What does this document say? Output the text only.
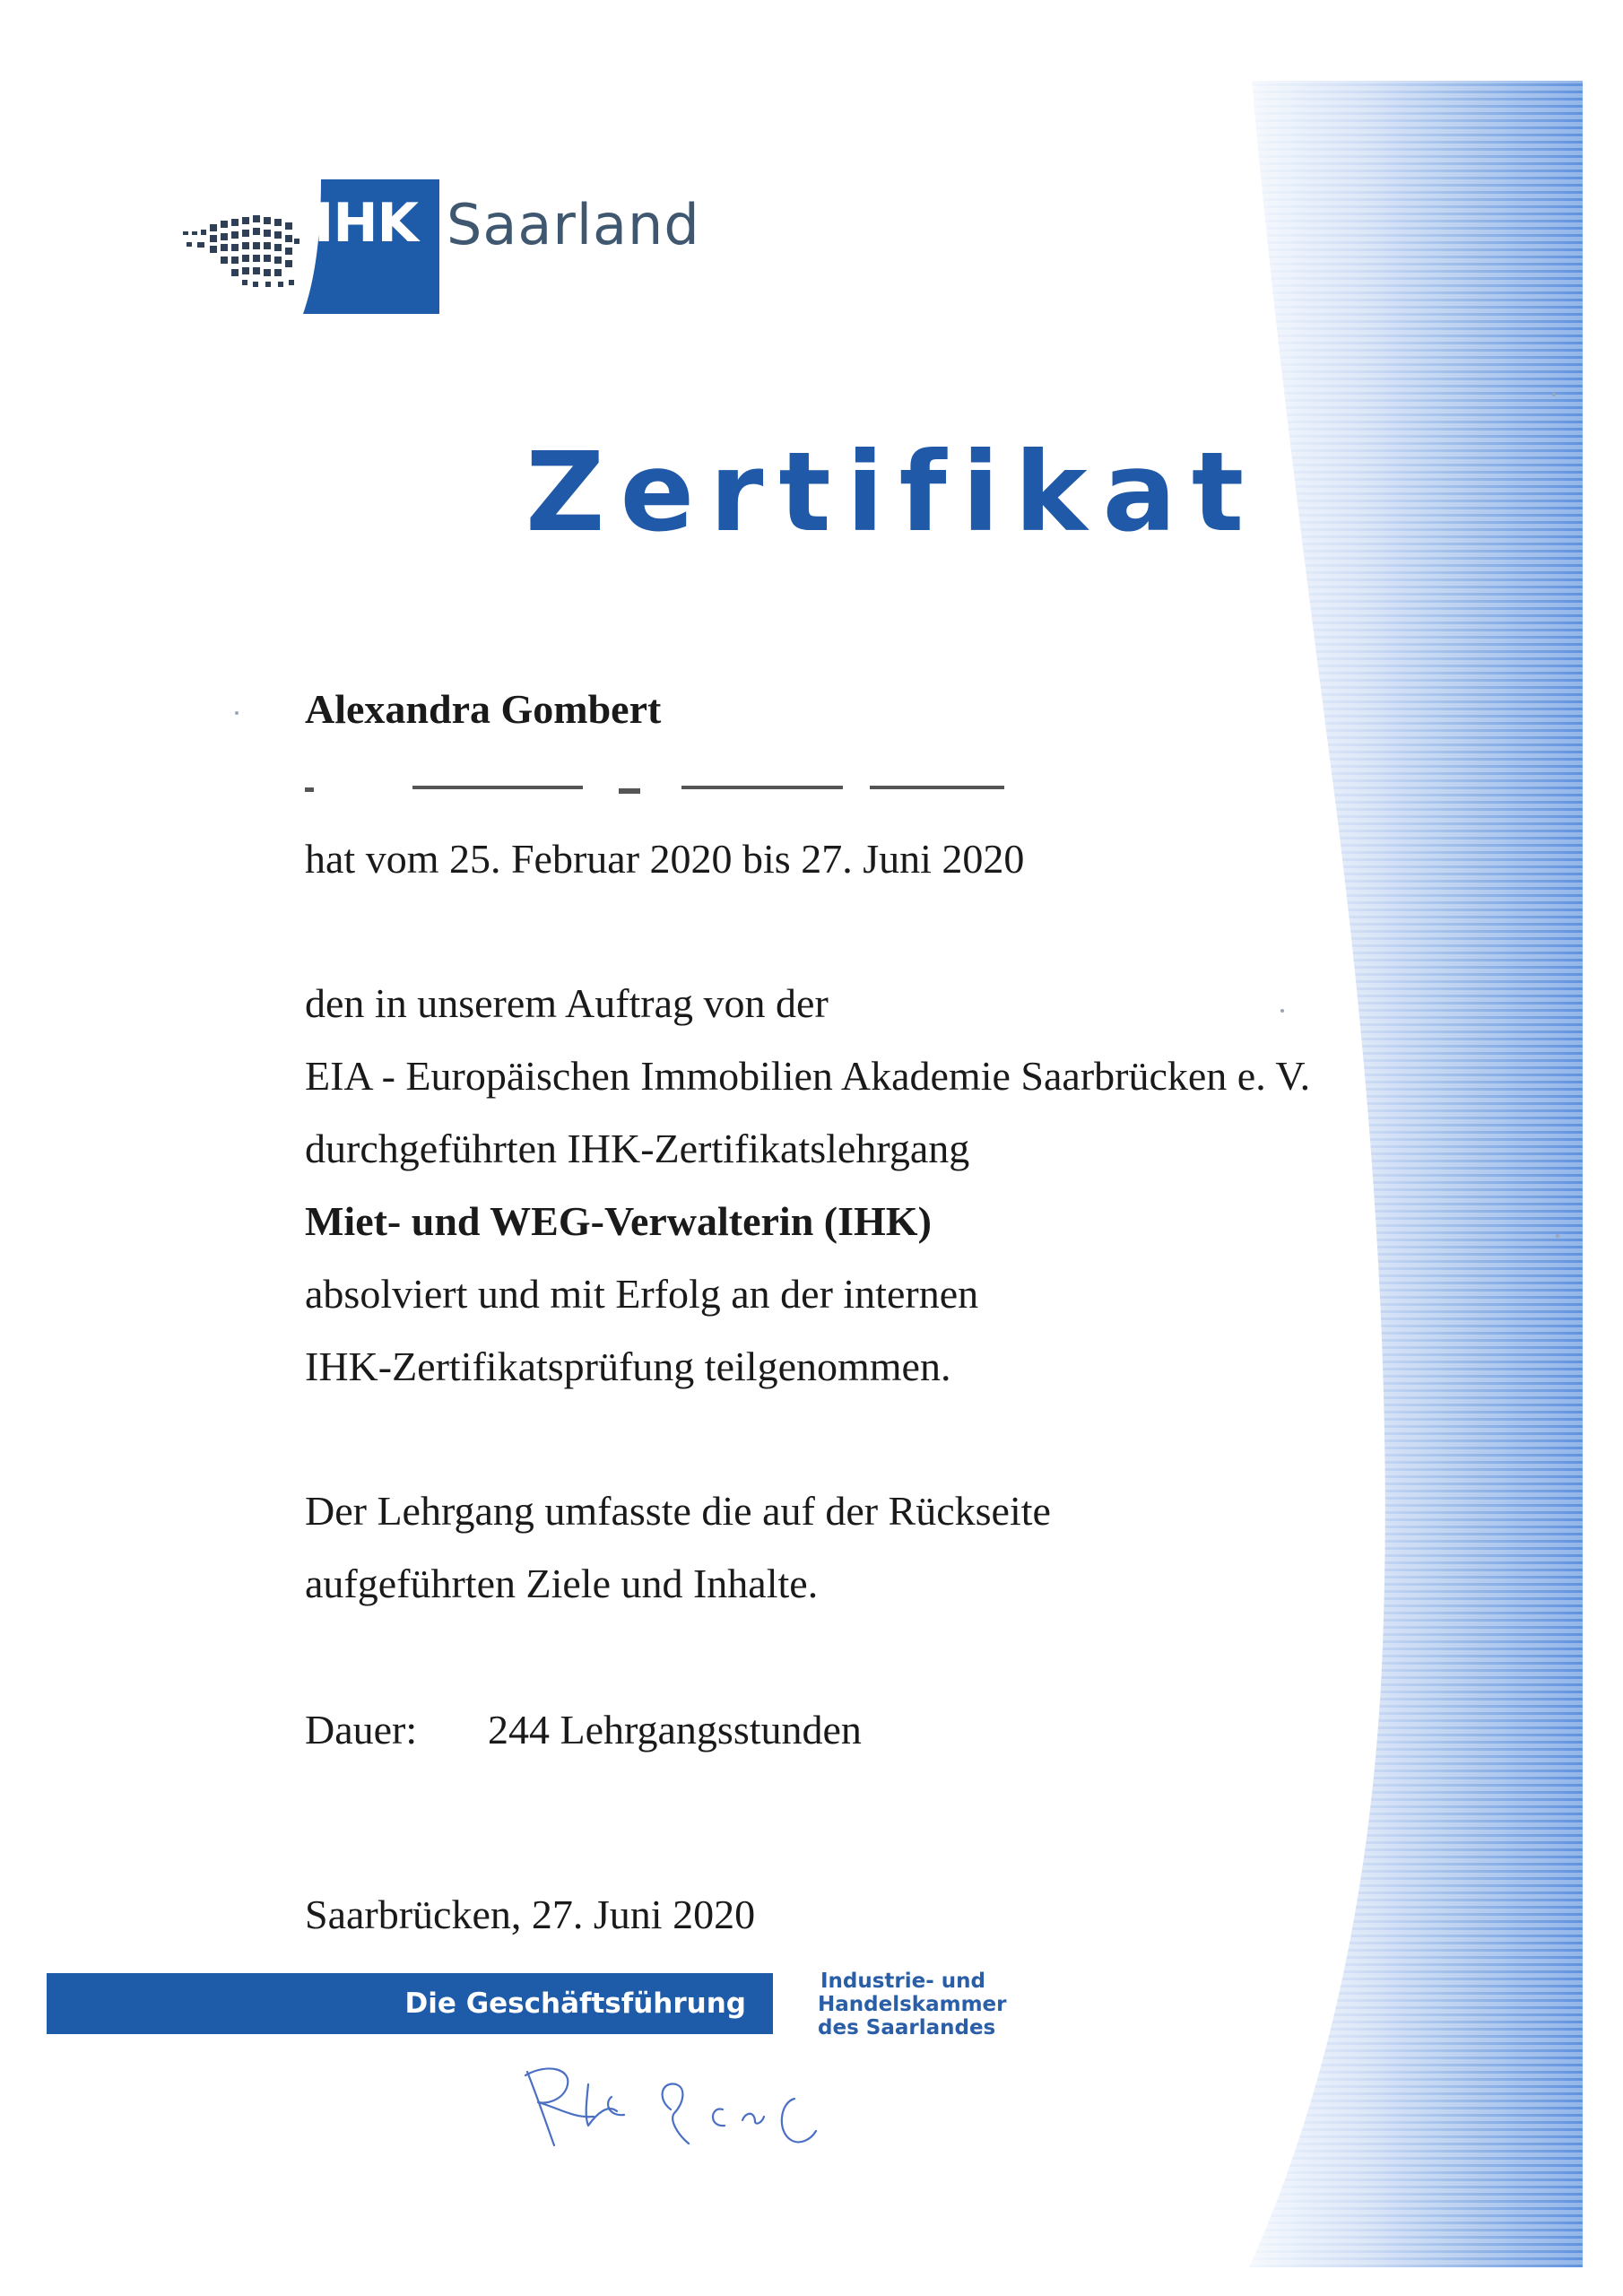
IHK Saarland
Zertifikat
Alexandra Gombert
hat vom 25. Februar 2020 bis 27. Juni 2020
den in unserem Auftrag von der
EIA - Europäischen Immobilien Akademie Saarbrücken e. V.
durchgeführten IHK-Zertifikatslehrgang
Miet- und WEG-Verwalterin (IHK)
absolviert und mit Erfolg an der internen
IHK-Zertifikatsprüfung teilgenommen.
Der Lehrgang umfasste die auf der Rückseite
aufgeführten Ziele und Inhalte.
Dauer: 244 Lehrgangsstunden
Saarbrücken, 27. Juni 2020
Die Geschäftsführung
Industrie- und
Handelskammer
des Saarlandes
